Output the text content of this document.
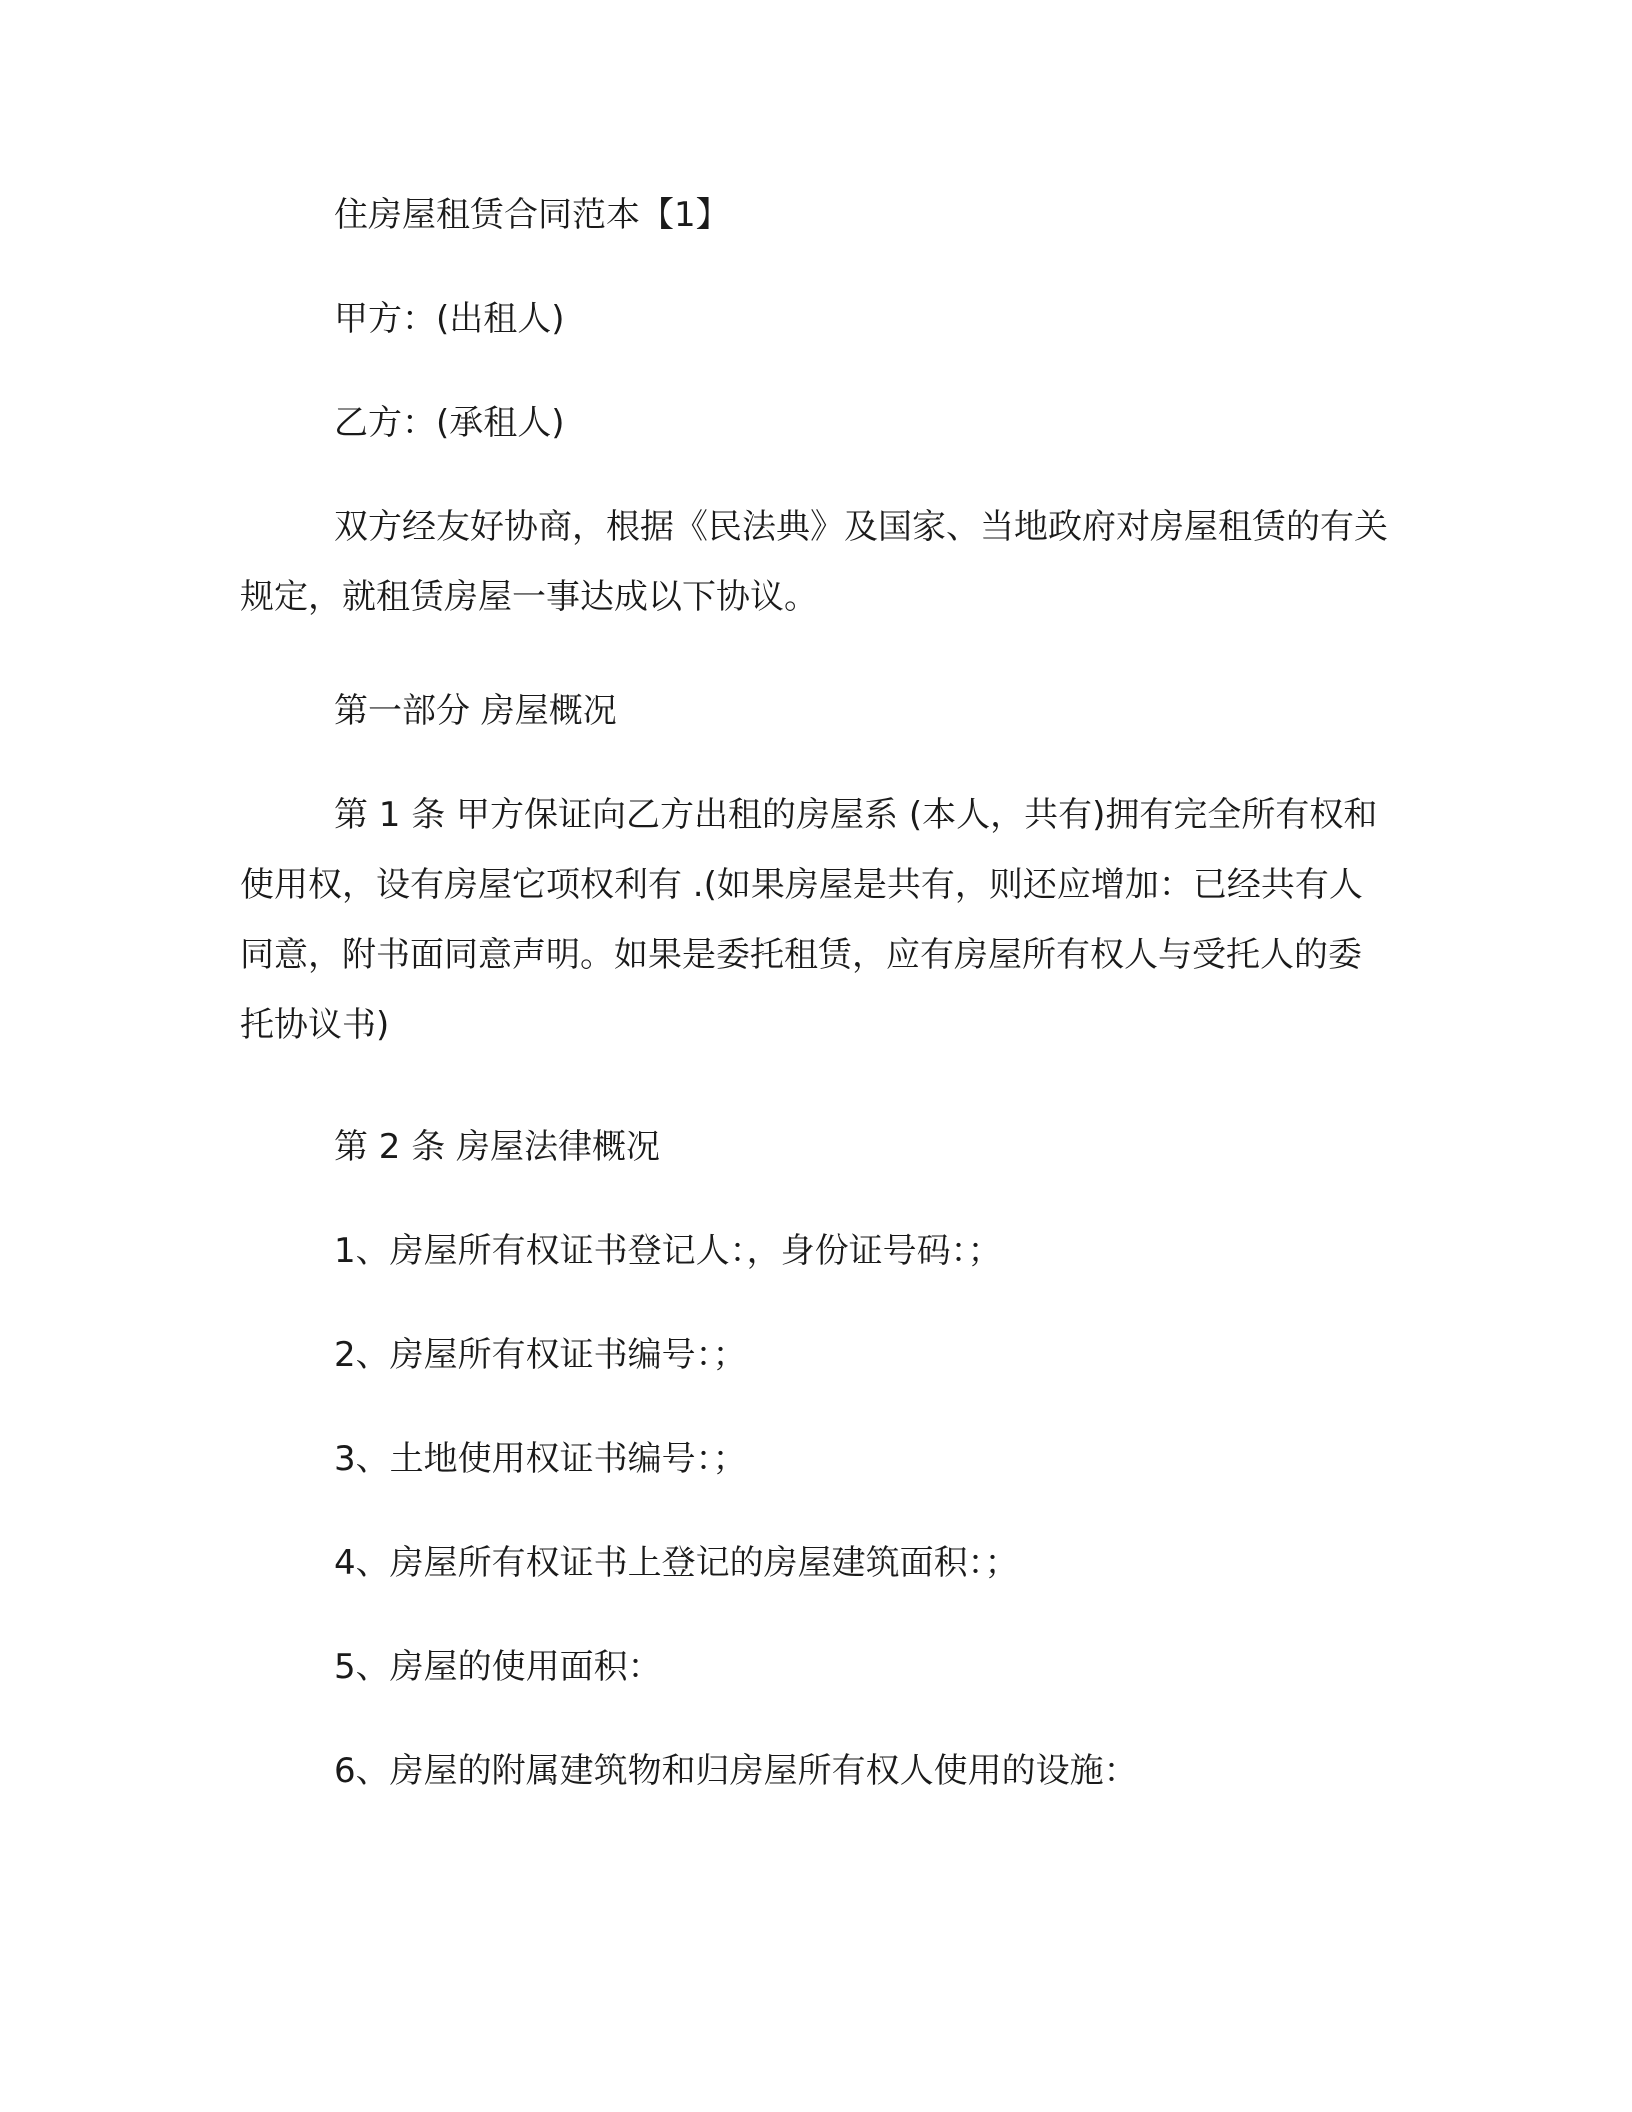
住房屋租赁合同范本【1】

甲方：(出租人)

乙方：(承租人)

双方经友好协商，根据《民法典》及国家、当地政府对房屋租赁的有关规定，就租赁房屋一事达成以下协议。

第一部分 房屋概况

第 1 条 甲方保证向乙方出租的房屋系 (本人，共有)拥有完全所有权和使用权，设有房屋它项权利有 .(如果房屋是共有，则还应增加：已经共有人同意，附书面同意声明。如果是委托租赁，应有房屋所有权人与受托人的委托协议书)

第 2 条 房屋法律概况

1、房屋所有权证书登记人：，身份证号码：；

2、房屋所有权证书编号：；

3、土地使用权证书编号：；

4、房屋所有权证书上登记的房屋建筑面积：；

5、房屋的使用面积：

6、房屋的附属建筑物和归房屋所有权人使用的设施：
